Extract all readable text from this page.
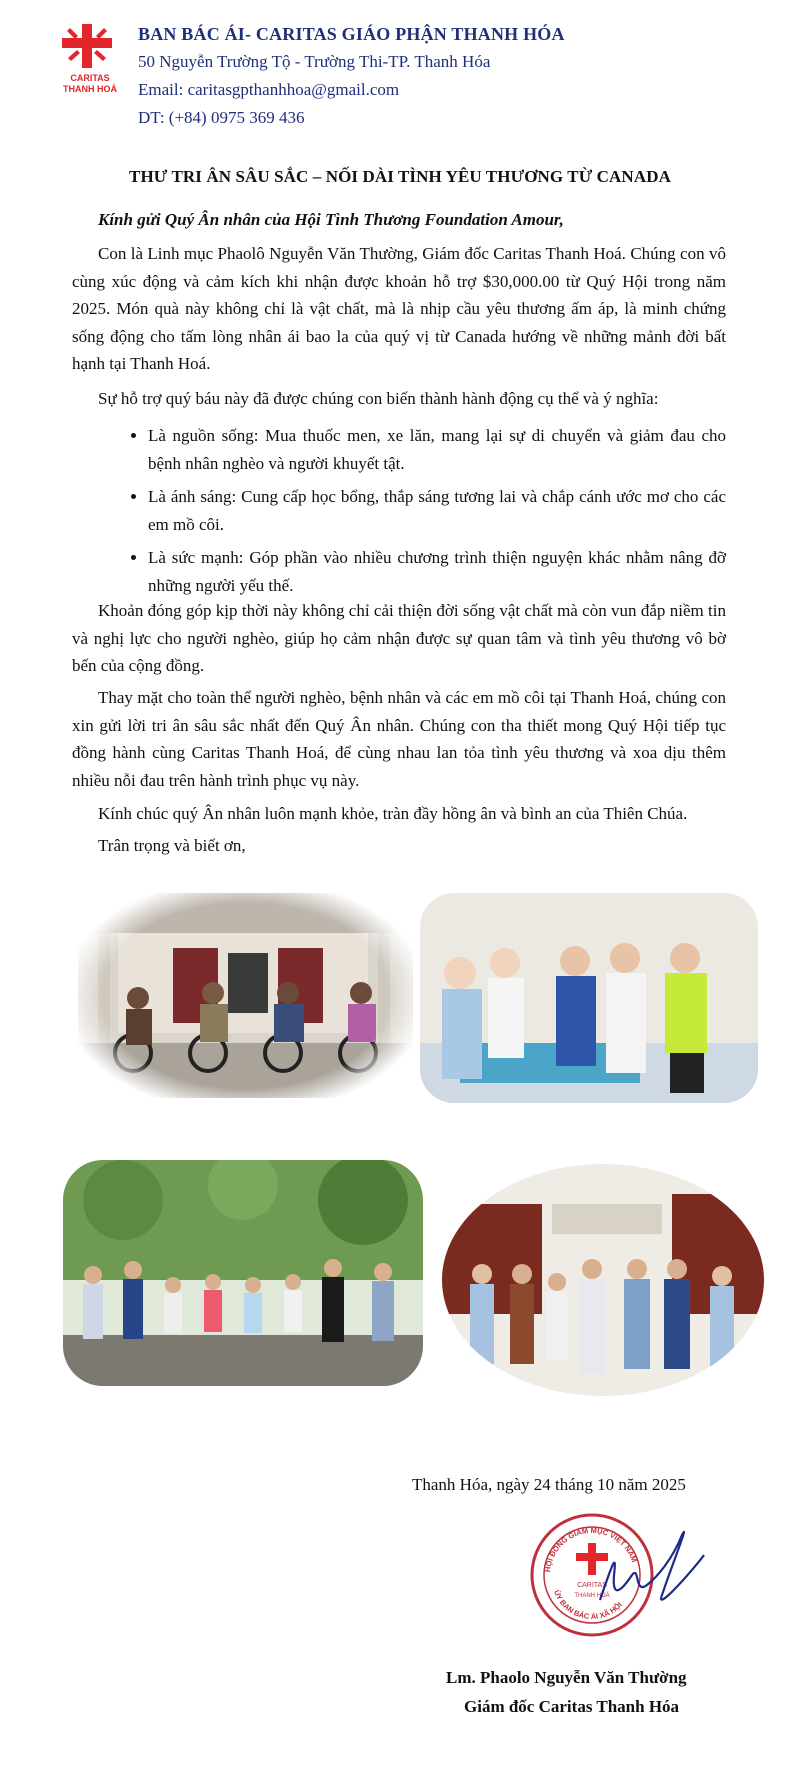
CARITAS
THANH HOÁ
BAN BÁC ÁI- CARITAS GIÁO PHẬN THANH HÓA
50 Nguyễn Trường Tộ - Trường Thi-TP. Thanh Hóa
Email: caritasgpthanhhoa@gmail.com
DT: (+84) 0975 369 436
THƯ TRI ÂN SÂU SẮC – NỐI DÀI TÌNH YÊU THƯƠNG TỪ CANADA
Kính gửi Quý Ân nhân của Hội Tình Thương Foundation Amour,
Con là Linh mục Phaolô Nguyễn Văn Thường, Giám đốc Caritas Thanh Hoá. Chúng con vô cùng xúc động và cảm kích khi nhận được khoản hỗ trợ $30,000.00 từ Quý Hội trong năm 2025. Món quà này không chỉ là vật chất, mà là nhịp cầu yêu thương ấm áp, là minh chứng sống động cho tấm lòng nhân ái bao la của quý vị từ Canada hướng về những mảnh đời bất hạnh tại Thanh Hoá.
Sự hỗ trợ quý báu này đã được chúng con biến thành hành động cụ thể và ý nghĩa:
• Là nguồn sống: Mua thuốc men, xe lăn, mang lại sự di chuyển và giảm đau cho bệnh nhân nghèo và người khuyết tật.
• Là ánh sáng: Cung cấp học bổng, thắp sáng tương lai và chắp cánh ước mơ cho các em mồ côi.
• Là sức mạnh: Góp phần vào nhiều chương trình thiện nguyện khác nhằm nâng đỡ những người yếu thế.
Khoản đóng góp kịp thời này không chỉ cải thiện đời sống vật chất mà còn vun đắp niềm tin và nghị lực cho người nghèo, giúp họ cảm nhận được sự quan tâm và tình yêu thương vô bờ bến của cộng đồng.
Thay mặt cho toàn thể người nghèo, bệnh nhân và các em mồ côi tại Thanh Hoá, chúng con xin gửi lời tri ân sâu sắc nhất đến Quý Ân nhân. Chúng con tha thiết mong Quý Hội tiếp tục đồng hành cùng Caritas Thanh Hoá, để cùng nhau lan tỏa tình yêu thương và xoa dịu thêm nhiều nỗi đau trên hành trình phục vụ này.
Kính chúc quý Ân nhân luôn mạnh khỏe, tràn đầy hồng ân và bình an của Thiên Chúa.
Trân trọng và biết ơn,
Thanh Hóa, ngày 24 tháng 10 năm 2025
HỘI ĐỒNG GIÁM MỤC VIỆT NAM
ỦY BAN BÁC ÁI XÃ HỘI
CARITAS
THANH HOÁ
Lm. Phaolo Nguyễn Văn Thường
Giám đốc Caritas Thanh Hóa
